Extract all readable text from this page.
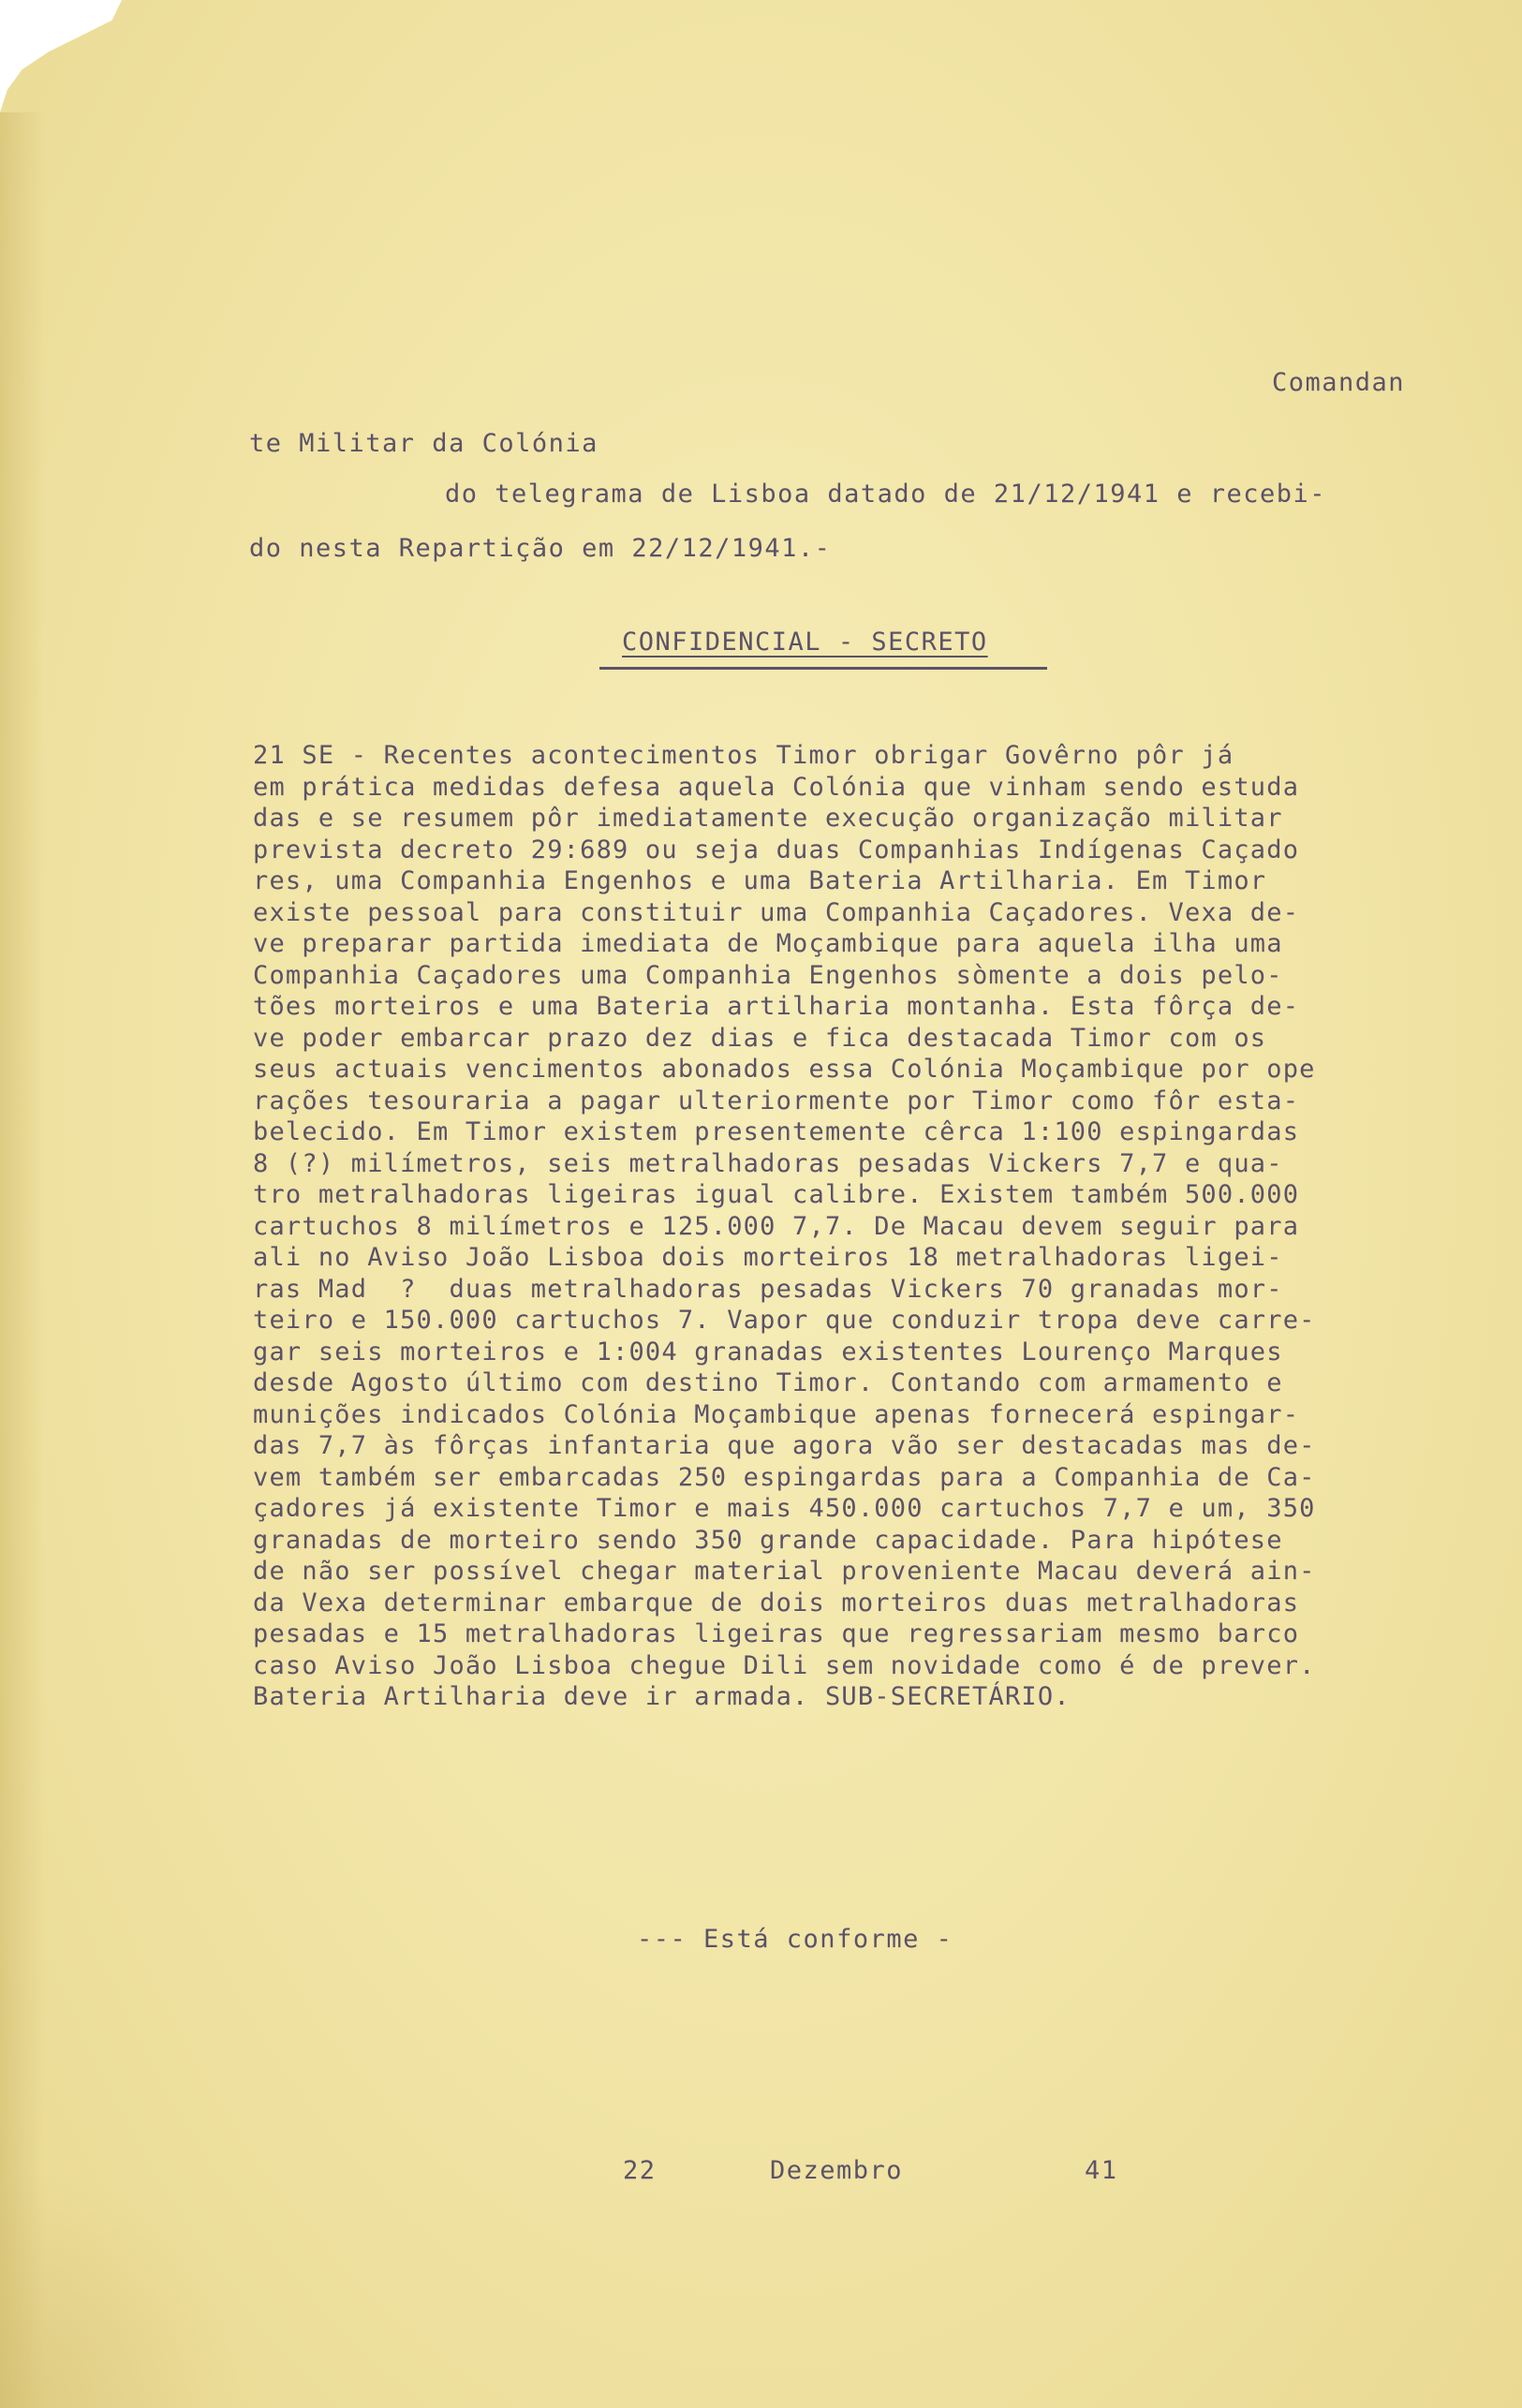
Comandan

te Militar da Colónia

do telegrama de Lisboa datado de 21/12/1941 e recebi-

do nesta Repartição em 22/12/1941.-

CONFIDENCIAL - SECRETO

21 SE - Recentes acontecimentos Timor obrigar Govêrno pôr já
em prática medidas defesa aquela Colónia que vinham sendo estuda
das e se resumem pôr imediatamente execução organização militar
prevista decreto 29:689 ou seja duas Companhias Indígenas Caçado
res, uma Companhia Engenhos e uma Bateria Artilharia. Em Timor
existe pessoal para constituir uma Companhia Caçadores. Vexa de-
ve preparar partida imediata de Moçambique para aquela ilha uma
Companhia Caçadores uma Companhia Engenhos sòmente a dois pelo-
tões morteiros e uma Bateria artilharia montanha. Esta fôrça de-
ve poder embarcar prazo dez dias e fica destacada Timor com os
seus actuais vencimentos abonados essa Colónia Moçambique por ope
rações tesouraria a pagar ulteriormente por Timor como fôr esta-
belecido. Em Timor existem presentemente cêrca 1:100 espingardas
8 (?) milímetros, seis metralhadoras pesadas Vickers 7,7 e qua-
tro metralhadoras ligeiras igual calibre. Existem também 500.000
cartuchos 8 milímetros e 125.000 7,7. De Macau devem seguir para
ali no Aviso João Lisboa dois morteiros 18 metralhadoras ligei-
ras Mad  ?  duas metralhadoras pesadas Vickers 70 granadas mor-
teiro e 150.000 cartuchos 7. Vapor que conduzir tropa deve carre-
gar seis morteiros e 1:004 granadas existentes Lourenço Marques
desde Agosto último com destino Timor. Contando com armamento e
munições indicados Colónia Moçambique apenas fornecerá espingar-
das 7,7 às fôrças infantaria que agora vão ser destacadas mas de-
vem também ser embarcadas 250 espingardas para a Companhia de Ca-
çadores já existente Timor e mais 450.000 cartuchos 7,7 e um, 350
granadas de morteiro sendo 350 grande capacidade. Para hipótese
de não ser possível chegar material proveniente Macau deverá ain-
da Vexa determinar embarque de dois morteiros duas metralhadoras
pesadas e 15 metralhadoras ligeiras que regressariam mesmo barco
caso Aviso João Lisboa chegue Dili sem novidade como é de prever.
Bateria Artilharia deve ir armada. SUB-SECRETÁRIO.

--- Está conforme -

22	Dezembro	41
